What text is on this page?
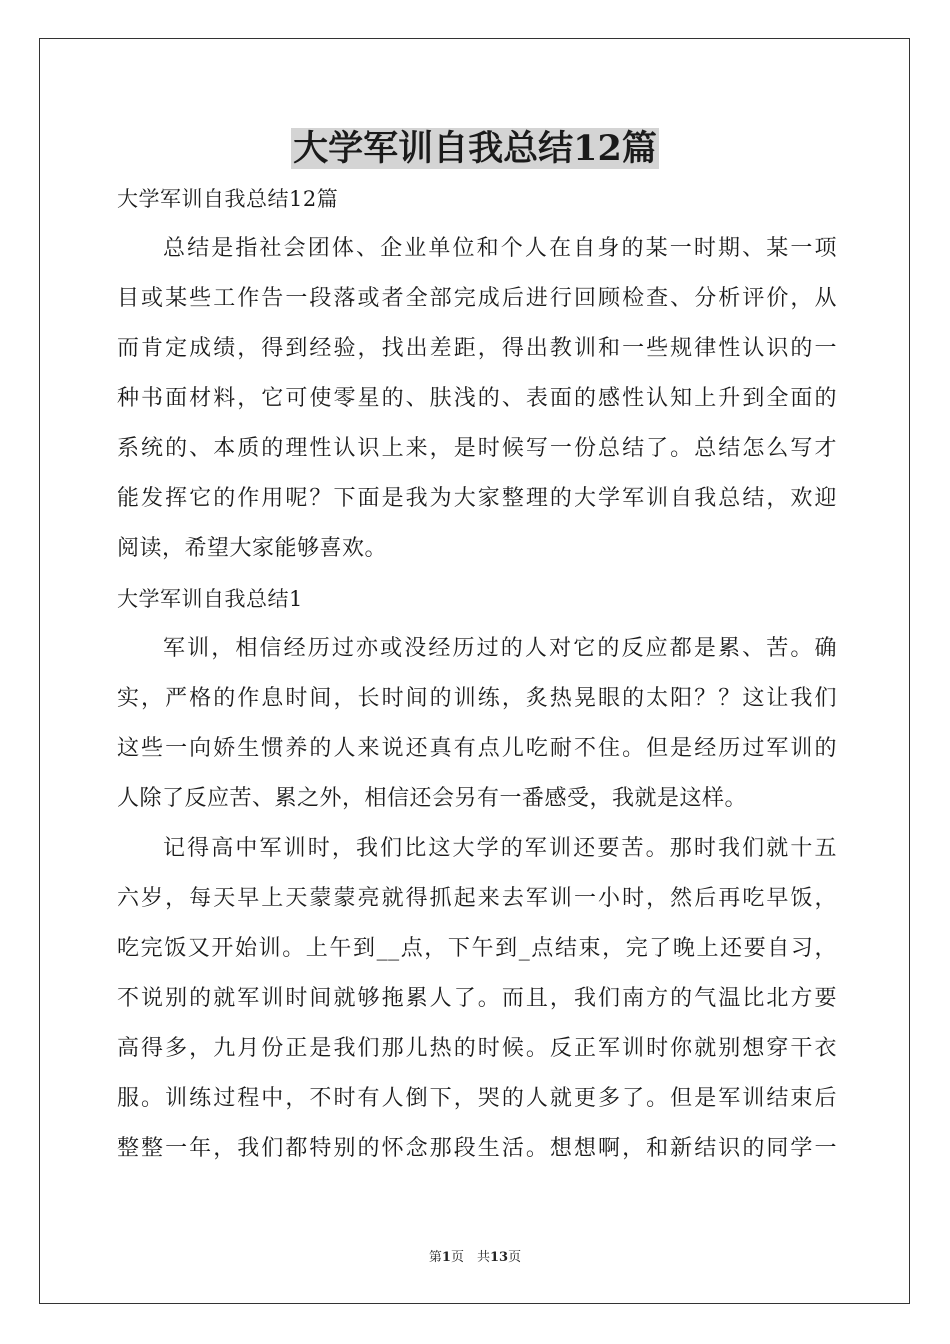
大学军训自我总结12篇
大学军训自我总结12篇
总结是指社会团体、企业单位和个人在自身的某一时期、某一项
目或某些工作告一段落或者全部完成后进行回顾检查、分析评价，从
而肯定成绩，得到经验，找出差距，得出教训和一些规律性认识的一
种书面材料，它可使零星的、肤浅的、表面的感性认知上升到全面的
系统的、本质的理性认识上来，是时候写一份总结了。总结怎么写才
能发挥它的作用呢？下面是我为大家整理的大学军训自我总结，欢迎
阅读，希望大家能够喜欢。
大学军训自我总结1
军训，相信经历过亦或没经历过的人对它的反应都是累、苦。确
实，严格的作息时间，长时间的训练，炙热晃眼的太阳？？这让我们
这些一向娇生惯养的人来说还真有点儿吃耐不住。但是经历过军训的
人除了反应苦、累之外，相信还会另有一番感受，我就是这样。
记得高中军训时，我们比这大学的军训还要苦。那时我们就十五
六岁，每天早上天蒙蒙亮就得抓起来去军训一小时，然后再吃早饭，
吃完饭又开始训。上午到__点，下午到_点结束，完了晚上还要自习，
不说别的就军训时间就够拖累人了。而且，我们南方的气温比北方要
高得多，九月份正是我们那儿热的时候。反正军训时你就别想穿干衣
服。训练过程中，不时有人倒下，哭的人就更多了。但是军训结束后
整整一年，我们都特别的怀念那段生活。想想啊，和新结识的同学一
第1页　共13页
